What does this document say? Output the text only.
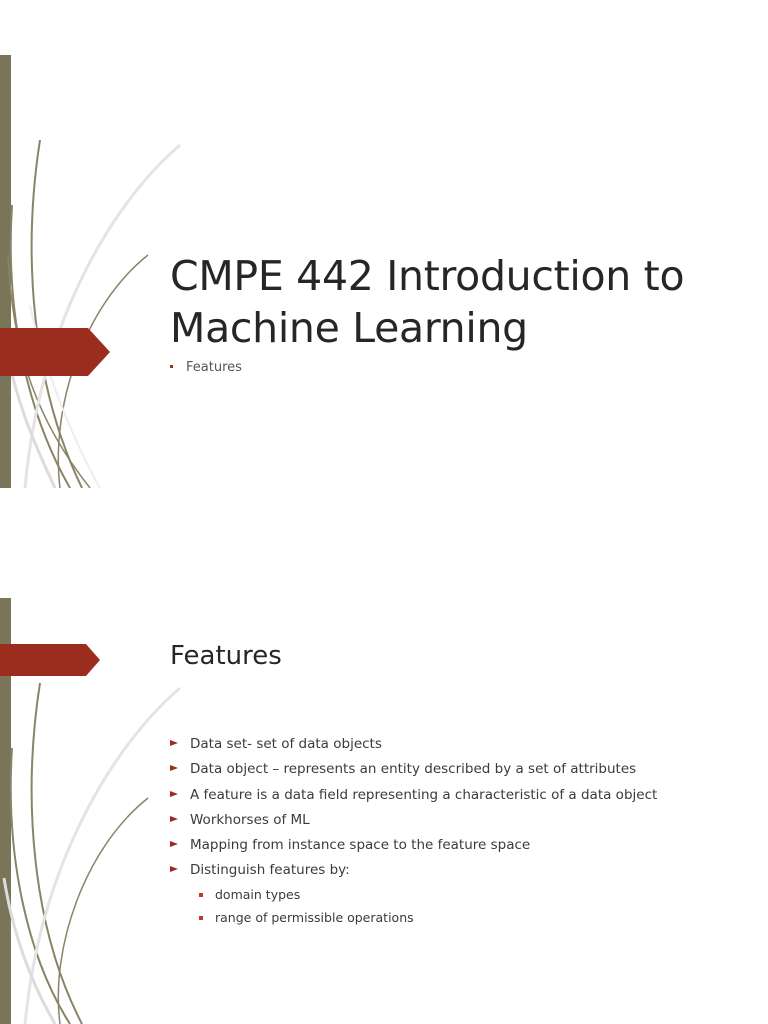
CMPE 442 Introduction to Machine Learning
Features
Features
Data set- set of data objects
Data object – represents an entity described by a set of attributes
A feature is a data field representing a characteristic of a data object
Workhorses of ML
Mapping from instance space to the feature space
Distinguish features by:
domain types
range of permissible operations
